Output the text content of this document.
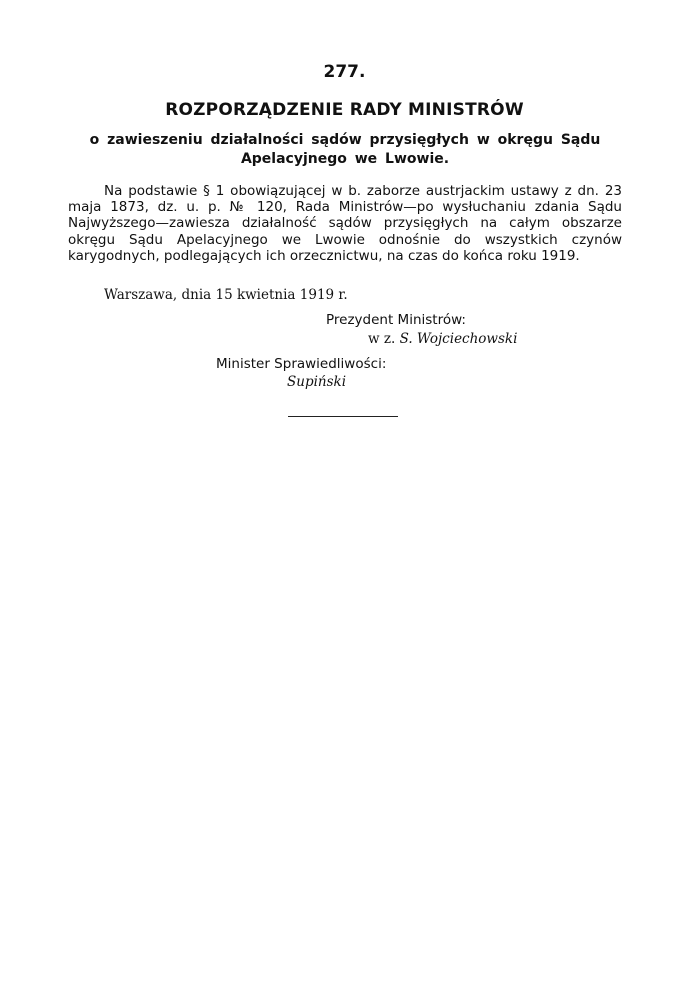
277.
ROZPORZĄDZENIE RADY MINISTRÓW
o zawieszeniu działalności sądów przysięgłych w okręgu Sądu Apelacyjnego we Lwowie.

Na podstawie § 1 obowiązującej w b. zaborze austrjackim ustawy z dn. 23 maja 1873, dz. u. p. № 120, Rada Ministrów—po wysłuchaniu zdania Sądu Najwyższego—zawiesza działalność sądów przysięgłych na całym obszarze okręgu Sądu Apelacyjnego we Lwowie odnośnie do wszystkich czynów karygodnych, podlegających ich orzecznictwu, na czas do końca roku 1919.

Warszawa, dnia 15 kwietnia 1919 r.

Prezydent Ministrów:

w z. S. Wojciechowski

Minister Sprawiedliwości:

Supiński
